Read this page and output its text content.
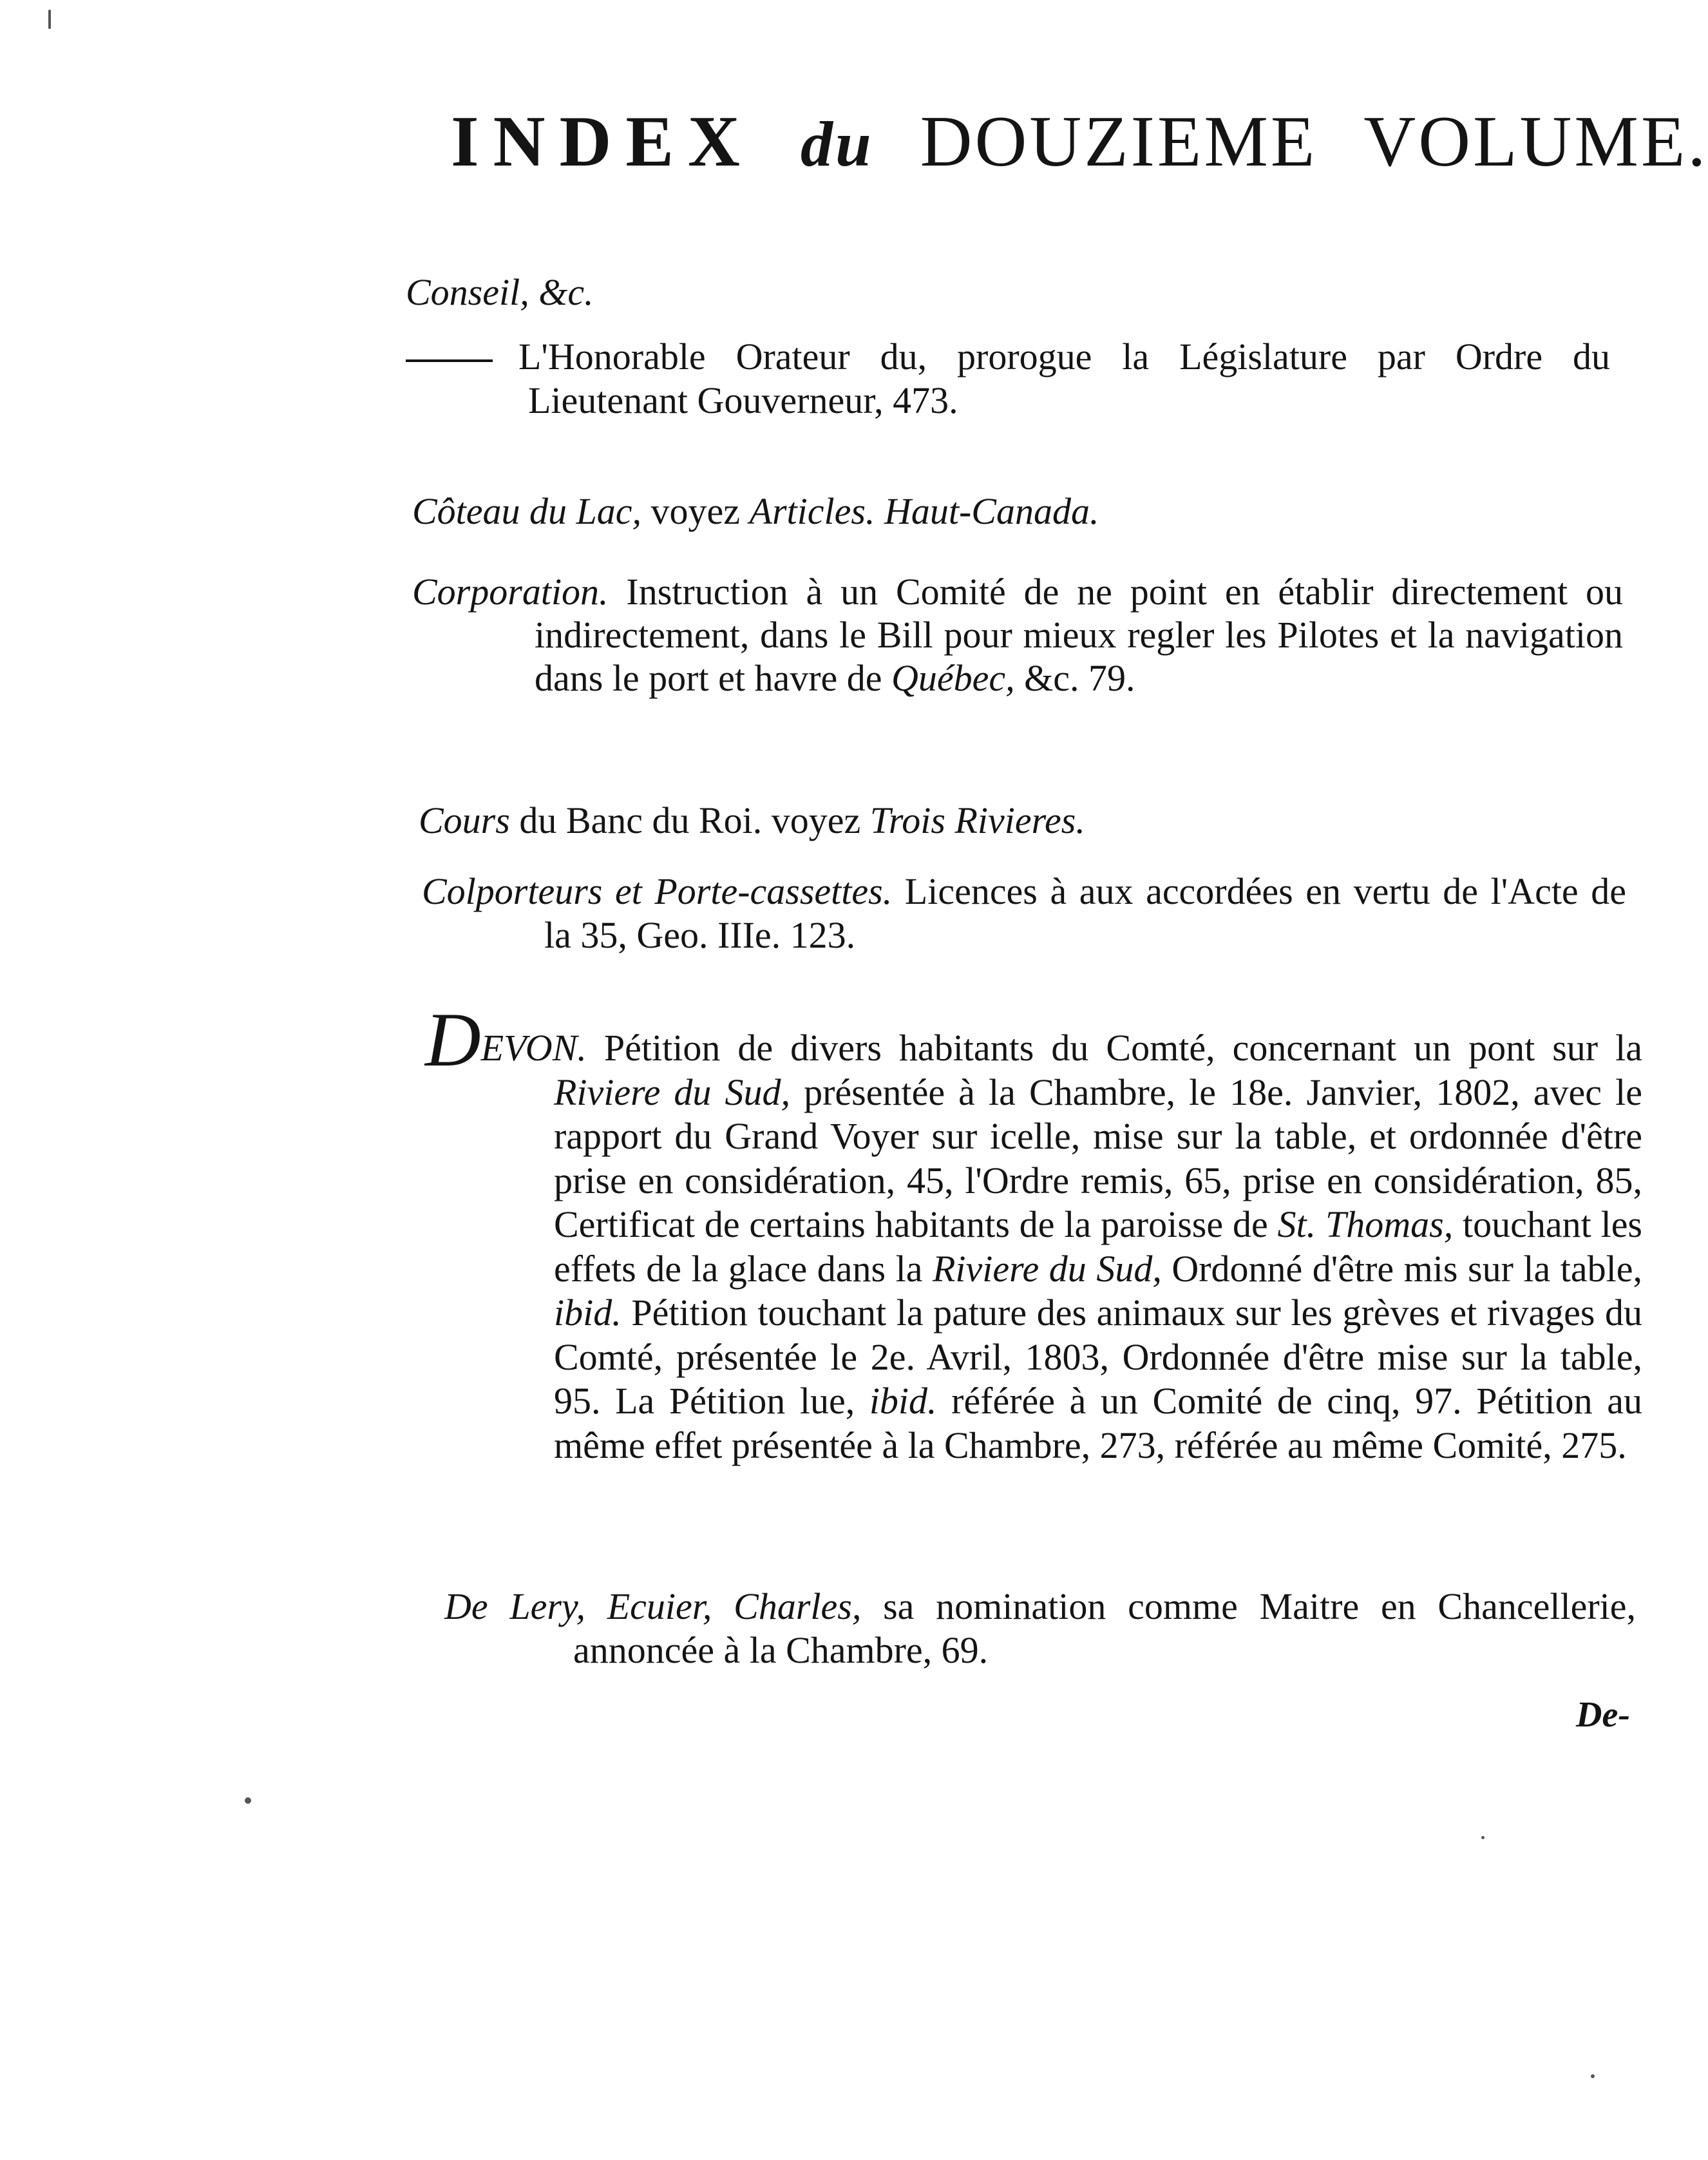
INDEX du DOUZIEME VOLUME.

Conseil, &c.

L'Honorable Orateur du, prorogue la Législature par Ordre du Lieutenant Gouverneur, 473.

Côteau du Lac, voyez Articles. Haut-Canada.

Corporation. Instruction à un Comité de ne point en établir directement ou indirectement, dans le Bill pour mieux regler les Pilotes et la navigation dans le port et havre de Québec, &c. 79.

Cours du Banc du Roi. voyez Trois Rivieres.

Colporteurs et Porte-cassettes. Licences à aux accordées en vertu de l'Acte de la 35, Geo. IIIe. 123.

DEVON. Pétition de divers habitants du Comté, concernant un pont sur la Riviere du Sud, présentée à la Chambre, le 18e. Janvier, 1802, avec le rapport du Grand Voyer sur icelle, mise sur la table, et ordonnée d'être prise en considération, 45, l'Ordre remis, 65, prise en considération, 85, Certificat de certains habitants de la paroisse de St. Thomas, touchant les effets de la glace dans la Riviere du Sud, Ordonné d'être mis sur la table, ibid. Pétition touchant la pature des animaux sur les grèves et rivages du Comté, présentée le 2e. Avril, 1803, Ordonnée d'être mise sur la table, 95. La Pétition lue, ibid. référée à un Comité de cinq, 97. Pétition au même effet présentée à la Chambre, 273, référée au même Comité, 275.

De Lery, Ecuier, Charles, sa nomination comme Maitre en Chancellerie, annoncée à la Chambre, 69.

De-
